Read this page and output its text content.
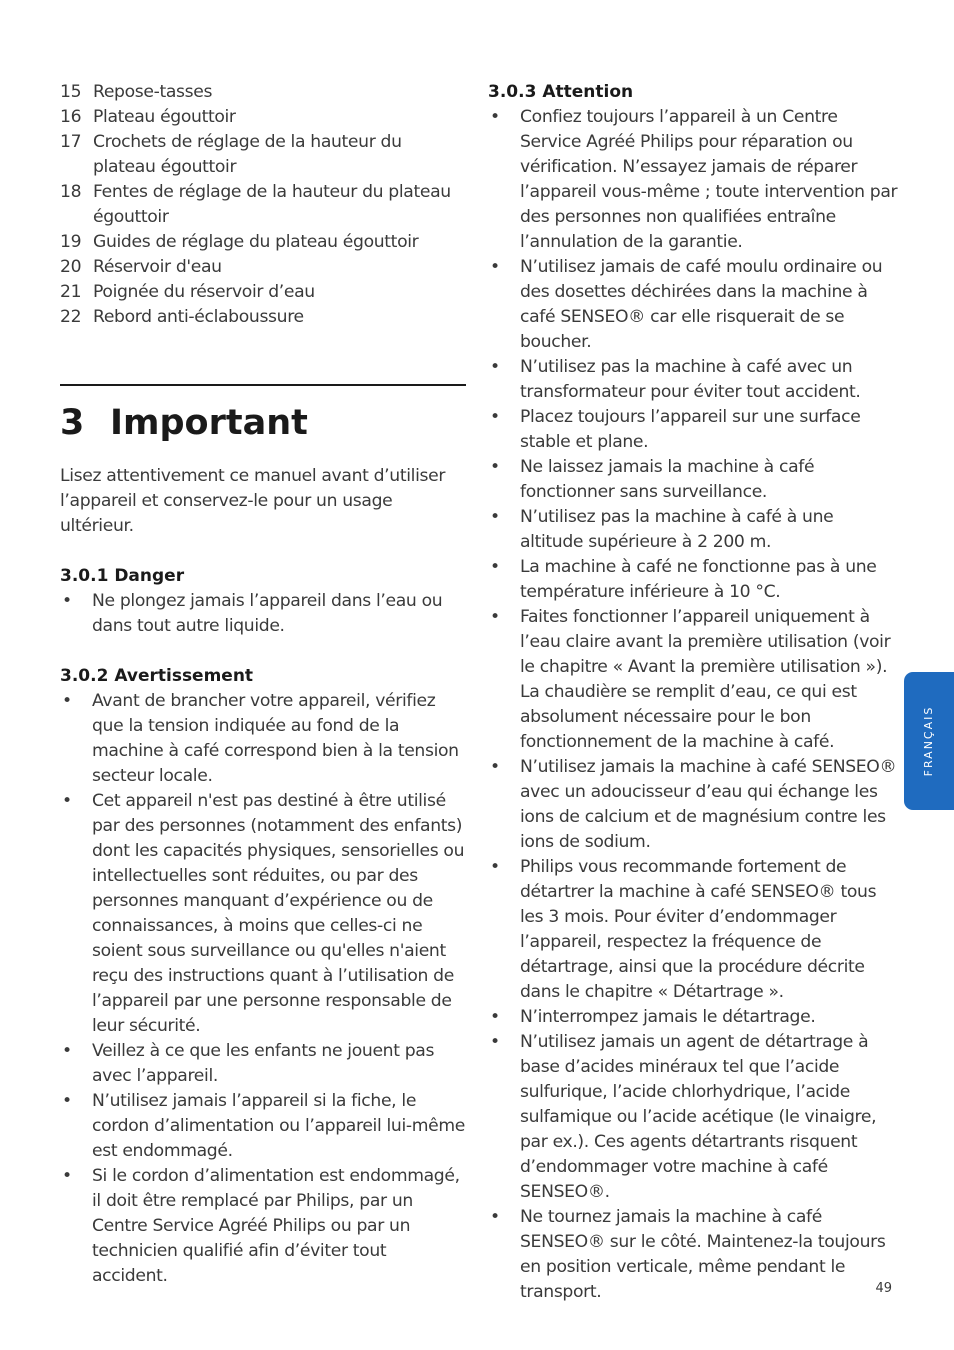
15 Repose-tasses
16 Plateau égouttoir
17 Crochets de réglage de la hauteur du plateau égouttoir
18 Fentes de réglage de la hauteur du plateau égouttoir
19 Guides de réglage du plateau égouttoir
20 Réservoir d'eau
21 Poignée du réservoir d’eau
22 Rebord anti-éclaboussure
3 Important
Lisez attentivement ce manuel avant d’utiliser l’appareil et conservez-le pour un usage ultérieur.
3.0.1 Danger
•	Ne plongez jamais l’appareil dans l’eau ou dans tout autre liquide.
3.0.2 Avertissement
•	Avant de brancher votre appareil, vérifiez que la tension indiquée au fond de la machine à café correspond bien à la tension secteur locale.
•	Cet appareil n'est pas destiné à être utilisé par des personnes (notamment des enfants) dont les capacités physiques, sensorielles ou intellectuelles sont réduites, ou par des personnes manquant d’expérience ou de connaissances, à moins que celles-ci ne soient sous surveillance ou qu'elles n'aient reçu des instructions quant à l’utilisation de l’appareil par une personne responsable de leur sécurité.
•	Veillez à ce que les enfants ne jouent pas avec l’appareil.
•	N’utilisez jamais l’appareil si la fiche, le cordon d’alimentation ou l’appareil lui-même est endommagé.
•	Si le cordon d’alimentation est endommagé, il doit être remplacé par Philips, par un Centre Service Agréé Philips ou par un technicien qualifié afin d’éviter tout accident.
3.0.3 Attention
•	Confiez toujours l’appareil à un Centre Service Agréé Philips pour réparation ou vérification. N’essayez jamais de réparer l’appareil vous-même ; toute intervention par des personnes non qualifiées entraîne l’annulation de la garantie.
•	N’utilisez jamais de café moulu ordinaire ou des dosettes déchirées dans la machine à café SENSEO® car elle risquerait de se boucher.
•	N’utilisez pas la machine à café avec un transformateur pour éviter tout accident.
•	Placez toujours l’appareil sur une surface stable et plane.
•	Ne laissez jamais la machine à café fonctionner sans surveillance.
•	N’utilisez pas la machine à café à une altitude supérieure à 2 200 m.
•	La machine à café ne fonctionne pas à une température inférieure à 10 °C.
•	Faites fonctionner l’appareil uniquement à l’eau claire avant la première utilisation (voir le chapitre « Avant la première utilisation »). La chaudière se remplit d’eau, ce qui est absolument nécessaire pour le bon fonctionnement de la machine à café.
•	N’utilisez jamais la machine à café SENSEO® avec un adoucisseur d’eau qui échange les ions de calcium et de magnésium contre les ions de sodium.
•	Philips vous recommande fortement de détartrer la machine à café SENSEO® tous les 3 mois. Pour éviter d’endommager l’appareil, respectez la fréquence de détartrage, ainsi que la procédure décrite dans le chapitre « Détartrage ».
•	N’interrompez jamais le détartrage.
•	N’utilisez jamais un agent de détartrage à base d’acides minéraux tel que l’acide sulfurique, l’acide chlorhydrique, l’acide sulfamique ou l’acide acétique (le vinaigre, par ex.). Ces agents détartrants risquent d’endommager votre machine à café SENSEO®.
•	Ne tournez jamais la machine à café SENSEO® sur le côté. Maintenez-la toujours en position verticale, même pendant le transport.
FRANÇAIS
49
